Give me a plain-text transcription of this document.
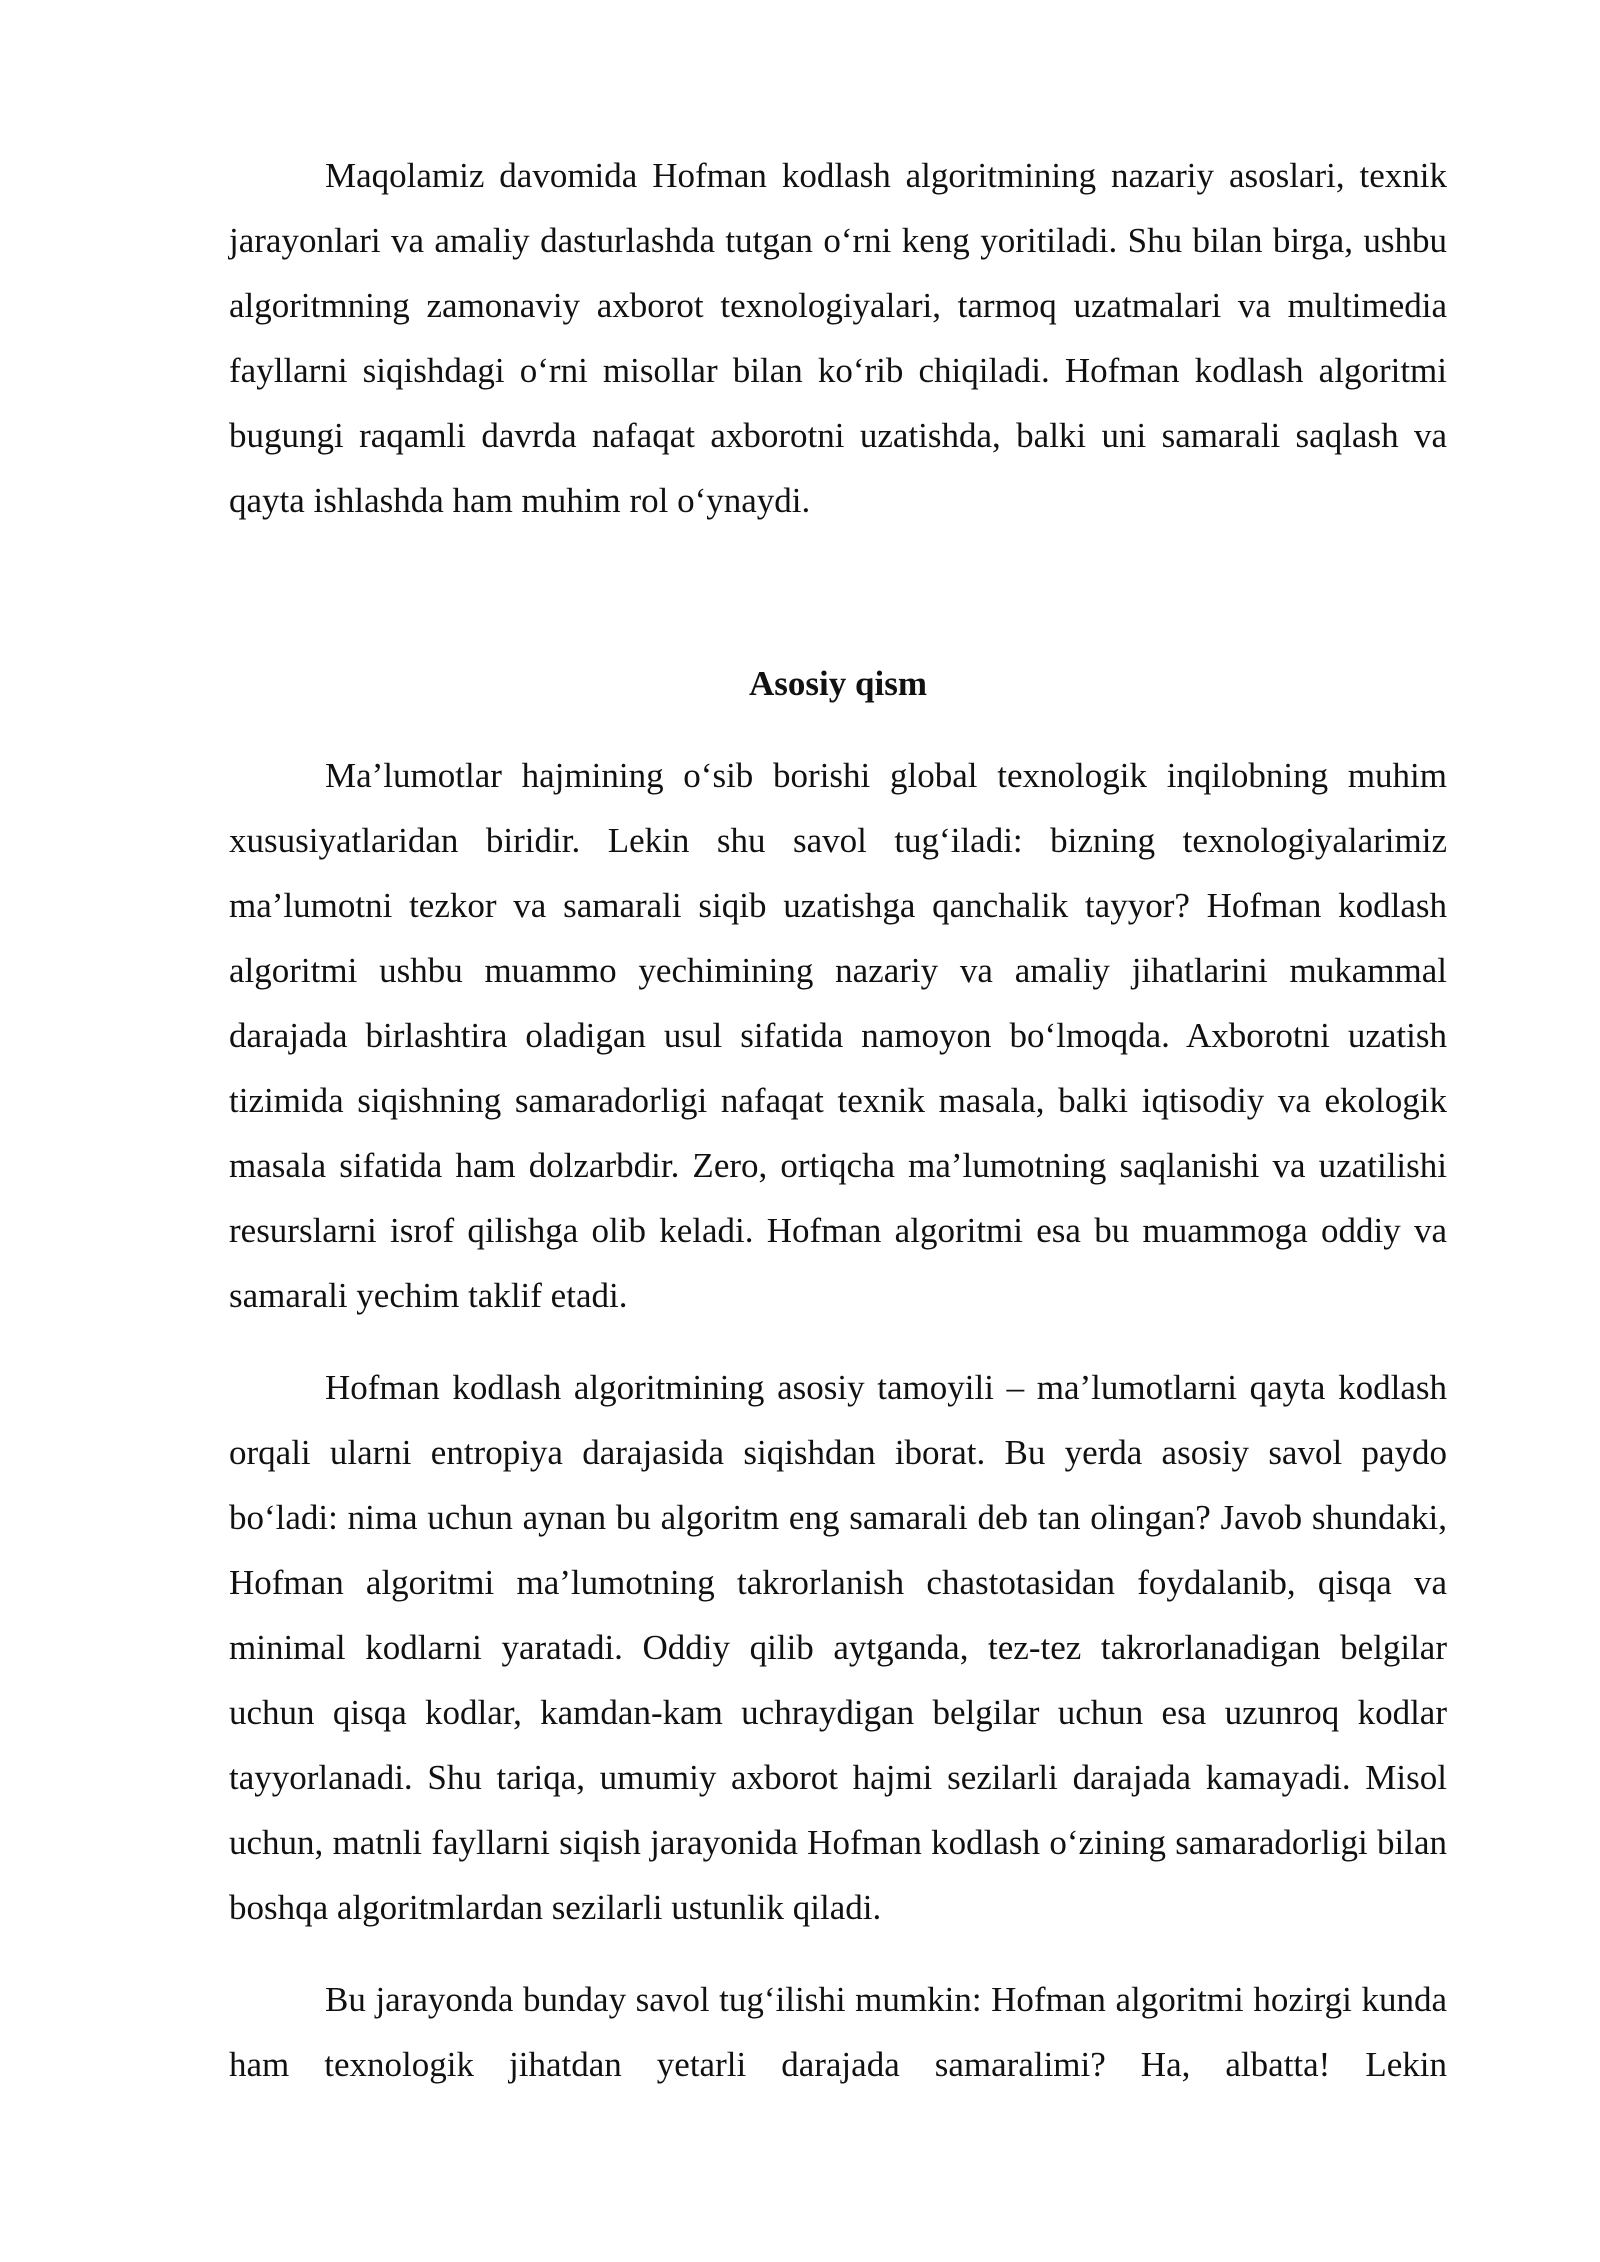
Maqolamiz davomida Hofman kodlash algoritmining nazariy asoslari, texnik jarayonlari va amaliy dasturlashda tutgan o‘rni keng yoritiladi. Shu bilan birga, ushbu algoritmning zamonaviy axborot texnologiyalari, tarmoq uzatmalari va multimedia fayllarni siqishdagi o‘rni misollar bilan ko‘rib chiqiladi. Hofman kodlash algoritmi bugungi raqamli davrda nafaqat axborotni uzatishda, balki uni samarali saqlash va qayta ishlashda ham muhim rol o‘ynaydi.

Asosiy qism

Ma’lumotlar hajmining o‘sib borishi global texnologik inqilobning muhim xususiyatlaridan biridir. Lekin shu savol tug‘iladi: bizning texnologiyalarimiz ma’lumotni tezkor va samarali siqib uzatishga qanchalik tayyor? Hofman kodlash algoritmi ushbu muammo yechimining nazariy va amaliy jihatlarini mukammal darajada birlashtira oladigan usul sifatida namoyon bo‘lmoqda. Axborotni uzatish tizimida siqishning samaradorligi nafaqat texnik masala, balki iqtisodiy va ekologik masala sifatida ham dolzarbdir. Zero, ortiqcha ma’lumotning saqlanishi va uzatilishi resurslarni isrof qilishga olib keladi. Hofman algoritmi esa bu muammoga oddiy va samarali yechim taklif etadi.

Hofman kodlash algoritmining asosiy tamoyili – ma’lumotlarni qayta kodlash orqali ularni entropiya darajasida siqishdan iborat. Bu yerda asosiy savol paydo bo‘ladi: nima uchun aynan bu algoritm eng samarali deb tan olingan? Javob shundaki, Hofman algoritmi ma’lumotning takrorlanish chastotasidan foydalanib, qisqa va minimal kodlarni yaratadi. Oddiy qilib aytganda, tez-tez takrorlanadigan belgilar uchun qisqa kodlar, kamdan-kam uchraydigan belgilar uchun esa uzunroq kodlar tayyorlanadi. Shu tariqa, umumiy axborot hajmi sezilarli darajada kamayadi. Misol uchun, matnli fayllarni siqish jarayonida Hofman kodlash o‘zining samaradorligi bilan boshqa algoritmlardan sezilarli ustunlik qiladi.

Bu jarayonda bunday savol tug‘ilishi mumkin: Hofman algoritmi hozirgi kunda ham texnologik jihatdan yetarli darajada samaralimi? Ha, albatta! Lekin
